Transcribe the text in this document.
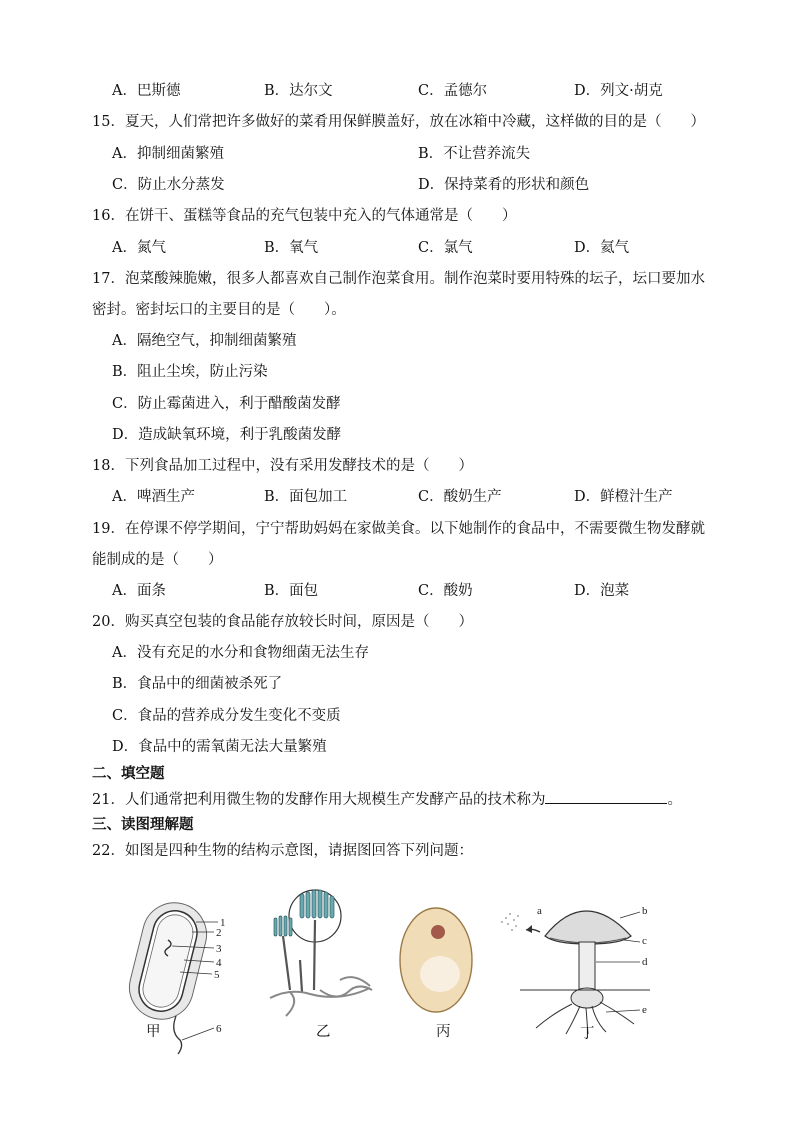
A．巴斯德	B．达尔文	C．孟德尔	D．列文·胡克
15．夏天，人们常把许多做好的菜肴用保鲜膜盖好，放在冰箱中冷藏，这样做的目的是（　　）
A．抑制细菌繁殖	B．不让营养流失
C．防止水分蒸发	D．保持菜肴的形状和颜色
16．在饼干、蛋糕等食品的充气包装中充入的气体通常是（　　）
A．氮气	B．氧气	C．氯气	D．氦气
17．泡菜酸辣脆嫩，很多人都喜欢自己制作泡菜食用。制作泡菜时要用特殊的坛子，坛口要加水
密封。密封坛口的主要目的是（　　）。
A．隔绝空气，抑制细菌繁殖
B．阻止尘埃，防止污染
C．防止霉菌进入，利于醋酸菌发酵
D．造成缺氧环境，利于乳酸菌发酵
18．下列食品加工过程中，没有采用发酵技术的是（　　）
A．啤酒生产	B．面包加工	C．酸奶生产	D．鲜橙汁生产
19．在停课不停学期间，宁宁帮助妈妈在家做美食。以下她制作的食品中，不需要微生物发酵就
能制成的是（　　）
A．面条	B．面包	C．酸奶	D．泡菜
20．购买真空包装的食品能存放较长时间，原因是（　　）
A．没有充足的水分和食物细菌无法生存
B．食品中的细菌被杀死了
C．食品的营养成分发生变化不变质
D．食品中的需氧菌无法大量繁殖
二、填空题
21．人们通常把利用微生物的发酵作用大规模生产发酵产品的技术称为	。
三、读图理解题
22．如图是四种生物的结构示意图，请据图回答下列问题：
1
2
3
4
5
6
a	b
c
d
e
甲	乙	丙	丁
